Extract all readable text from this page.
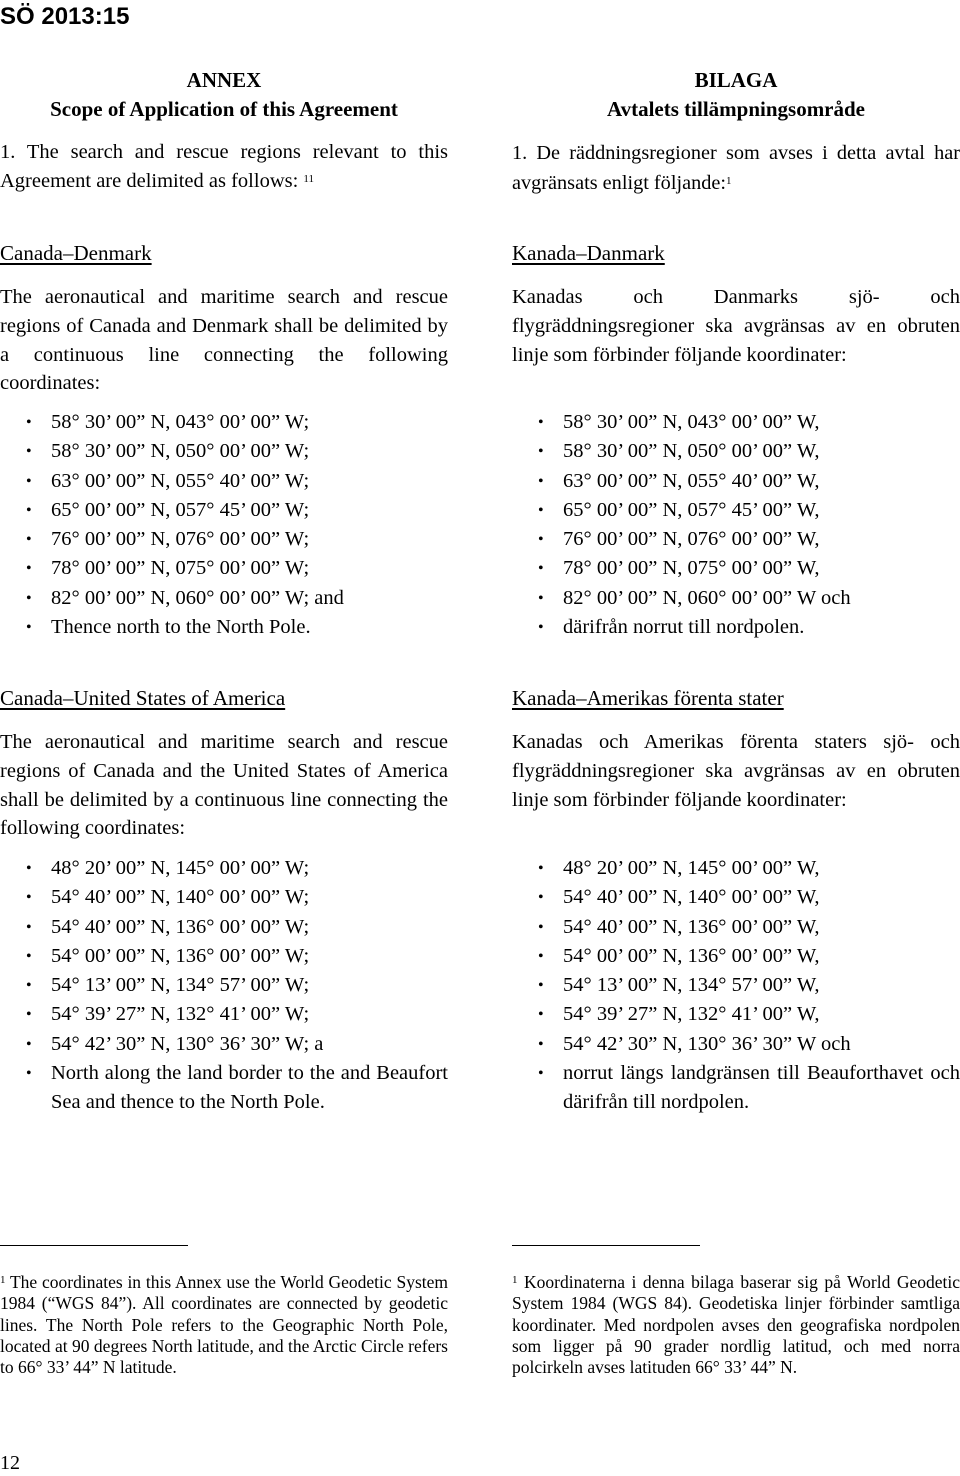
SÖ 2013:15
ANNEX
Scope of Application of this Agreement
1. The search and rescue regions relevant to this Agreement are delimited as follows: $^{11}$
Canada–Denmark
The aeronautical and maritime search and rescue regions of Canada and Denmark shall be delimited by a continuous line connecting the following coordinates:
• 58° 30’ 00” N, 043° 00’ 00” W;
• 58° 30’ 00” N, 050° 00’ 00” W;
• 63° 00’ 00” N, 055° 40’ 00” W;
• 65° 00’ 00” N, 057° 45’ 00” W;
• 76° 00’ 00” N, 076° 00’ 00” W;
• 78° 00’ 00” N, 075° 00’ 00” W;
• 82° 00’ 00” N, 060° 00’ 00” W; and
• Thence north to the North Pole.
Canada–United States of America
The aeronautical and maritime search and rescue regions of Canada and the United States of America shall be delimited by a continuous line connecting the following coordinates:
• 48° 20’ 00” N, 145° 00’ 00” W;
• 54° 40’ 00” N, 140° 00’ 00” W;
• 54° 40’ 00” N, 136° 00’ 00” W;
• 54° 00’ 00” N, 136° 00’ 00” W;
• 54° 13’ 00” N, 134° 57’ 00” W;
• 54° 39’ 27” N, 132° 41’ 00” W;
• 54° 42’ 30” N, 130° 36’ 30” W; a
• North along the land border to the and Beaufort Sea and thence to the North Pole.
$^1$ The coordinates in this Annex use the World Geodetic System 1984 (“WGS 84”). All coordinates are connected by geodetic lines. The North Pole refers to the Geographic North Pole, located at 90 degrees North latitude, and the Arctic Circle refers to 66° 33’ 44” N latitude.
BILAGA
Avtalets tillämpningsområde
1. De räddningsregioner som avses i detta avtal har avgränsats enligt följande:$^1$
Kanada–Danmark
Kanadas och Danmarks sjö- och flygräddningsregioner ska avgränsas av en obruten linje som förbinder följande koordinater:
• 58° 30’ 00” N, 043° 00’ 00” W,
• 58° 30’ 00” N, 050° 00’ 00” W,
• 63° 00’ 00” N, 055° 40’ 00” W,
• 65° 00’ 00” N, 057° 45’ 00” W,
• 76° 00’ 00” N, 076° 00’ 00” W,
• 78° 00’ 00” N, 075° 00’ 00” W,
• 82° 00’ 00” N, 060° 00’ 00” W och
• därifrån norrut till nordpolen.
Kanada–Amerikas förenta stater
Kanadas och Amerikas förenta staters sjö- och flygräddningsregioner ska avgränsas av en obruten linje som förbinder följande koordinater:
• 48° 20’ 00” N, 145° 00’ 00” W,
• 54° 40’ 00” N, 140° 00’ 00” W,
• 54° 40’ 00” N, 136° 00’ 00” W,
• 54° 00’ 00” N, 136° 00’ 00” W,
• 54° 13’ 00” N, 134° 57’ 00” W,
• 54° 39’ 27” N, 132° 41’ 00” W,
• 54° 42’ 30” N, 130° 36’ 30” W och
• norrut längs landgränsen till Beauforthavet och därifrån till nordpolen.
$^1$ Koordinaterna i denna bilaga baserar sig på World Geodetic System 1984 (WGS 84). Geodetiska linjer förbinder samtliga koordinater. Med nordpolen avses den geografiska nordpolen som ligger på 90 grader nordlig latitud, och med norra polcirkeln avses latituden 66° 33’ 44” N.
12
